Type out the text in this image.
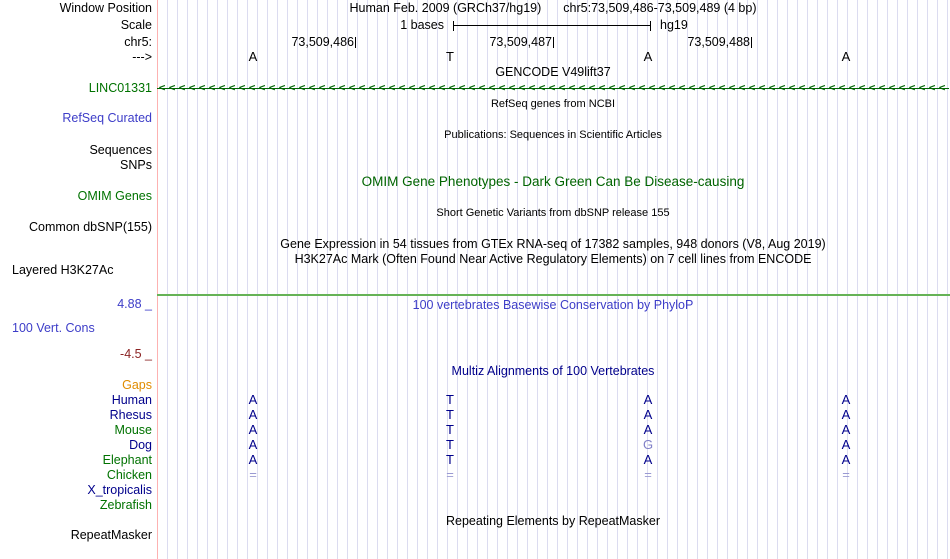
Window Position	Human Feb. 2009 (GRCh37/hg19) chr5:73,509,486-73,509,489 (4 bp)
Scale	1 bases	hg19
chr5:
--->
GENCODE V49lift37
LINC01331
RefSeq genes from NCBI
RefSeq Curated
Publications: Sequences in Scientific Articles
Sequences
SNPs
OMIM Gene Phenotypes - Dark Green Can Be Disease-causing
OMIM Genes
Short Genetic Variants from dbSNP release 155
Common dbSNP(155)
Gene Expression in 54 tissues from GTEx RNA-seq of 17382 samples, 948 donors (V8, Aug 2019)
H3K27Ac Mark (Often Found Near Active Regulatory Elements) on 7 cell lines from ENCODE
Layered H3K27Ac
4.88 _	100 vertebrates Basewise Conservation by PhyloP
100 Vert. Cons
-4.5 _
Multiz Alignments of 100 Vertebrates
Repeating Elements by RepeatMasker
RepeatMasker
73,509,486	73,509,487	73,509,488
A	T	A	A
< < < < < < < < < < < < < < < < < < < < < < < < < < < < < < < < < < < < < < < < < < < < < < < < < < < < < < < < < < < < < < < < < < < < < < < < < < < < < < <
Gaps
Human	A	T	A	A
Rhesus	A	T	A	A
Mouse	A	T	A	A
Dog	A	T	G	A
Elephant	A	T	A	A
Chicken	=	=	=	=
X_tropicalis
Zebrafish
